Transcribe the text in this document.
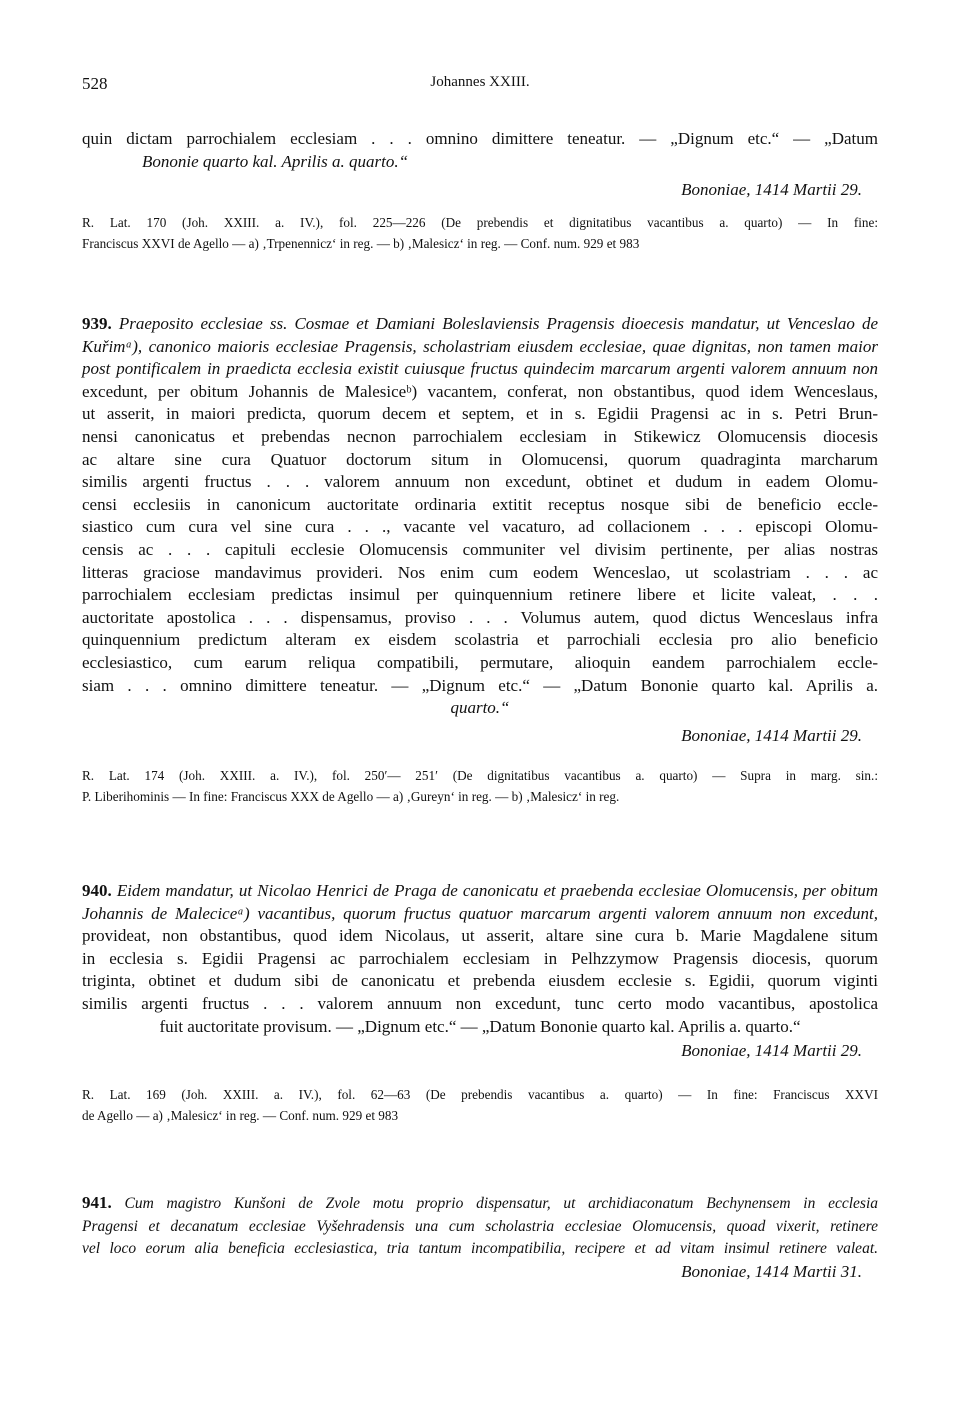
528	Johannes XXIII.

quin dictam parrochialem ecclesiam . . . omnino dimittere teneatur. — „Dignum etc.“ — „Datum
Bononie quarto kal. Aprilis a. quarto.“

Bononiae, 1414 Martii 29.
R. Lat. 170 (Joh. XXIII. a. IV.), fol. 225—226 (De prebendis et dignitatibus vacantibus a. quarto) — In fine:
Franciscus XXVI de Agello — a) ‚Trpenennicz‘ in reg. — b) ‚Malesicz‘ in reg. — Conf. num. 929 et 983

939. Praeposito ecclesiae ss. Cosmae et Damiani Boleslaviensis Pragensis dioecesis mandatur, ut Venceslao de
Kuřimᵃ), canonico maioris ecclesiae Pragensis, scholastriam eiusdem ecclesiae, quae dignitas, non tamen maior
post pontificalem in praedicta ecclesia existit cuiusque fructus quindecim marcarum argenti valorem annuum non
excedunt, per obitum Johannis de Malesiceᵇ) vacantem, conferat, non obstantibus, quod idem Wenceslaus,
ut asserit, in maiori predicta, quorum decem et septem, et in s. Egidii Pragensi ac in s. Petri Brun-
nensi canonicatus et prebendas necnon parrochialem ecclesiam in Stikewicz Olomucensis diocesis
ac altare sine cura Quatuor doctorum situm in Olomucensi, quorum quadraginta marcharum
similis argenti fructus . . . valorem annuum non excedunt, obtinet et dudum in eadem Olomu-
censi ecclesiis in canonicum auctoritate ordinaria extitit receptus nosque sibi de beneficio eccle-
siastico cum cura vel sine cura . . ., vacante vel vacaturo, ad collacionem . . . episcopi Olomu-
censis ac . . . capituli ecclesie Olomucensis communiter vel divisim pertinente, per alias nostras
litteras graciose mandavimus provideri. Nos enim cum eodem Wenceslao, ut scolastriam . . . ac
parrochialem ecclesiam predictas insimul per quinquennium retinere libere et licite valeat, . . .
auctoritate apostolica . . . dispensamus, proviso . . . Volumus autem, quod dictus Wenceslaus infra
quinquennium predictum alteram ex eisdem scolastria et parrochiali ecclesia pro alio beneficio
ecclesiastico, cum earum reliqua compatibili, permutare, alioquin eandem parrochialem eccle-
siam . . . omnino dimittere teneatur. — „Dignum etc.“ — „Datum Bononie quarto kal. Aprilis a.

quarto.“
Bononiae, 1414 Martii 29.
R. Lat. 174 (Joh. XXIII. a. IV.), fol. 250′— 251′ (De dignitatibus vacantibus a. quarto) — Supra in marg. sin.:
P. Liberihominis — In fine: Franciscus XXX de Agello — a) ‚Gureyn‘ in reg. — b) ‚Malesicz‘ in reg.

940. Eidem mandatur, ut Nicolao Henrici de Praga de canonicatu et praebenda ecclesiae Olomucensis, per obitum
Johannis de Maleciceᵃ) vacantibus, quorum fructus quatuor marcarum argenti valorem annuum non excedunt,
provideat, non obstantibus, quod idem Nicolaus, ut asserit, altare sine cura b. Marie Magdalene situm
in ecclesia s. Egidii Pragensi ac parrochialem ecclesiam in Pelhzzymow Pragensis diocesis, quorum
triginta, obtinet et dudum sibi de canonicatu et prebenda eiusdem ecclesie s. Egidii, quorum viginti
similis argenti fructus . . . valorem annuum non excedunt, tunc certo modo vacantibus, apostolica

fuit auctoritate provisum. — „Dignum etc.“ — „Datum Bononie quarto kal. Aprilis a. quarto.“
Bononiae, 1414 Martii 29.
R. Lat. 169 (Joh. XXIII. a. IV.), fol. 62—63 (De prebendis vacantibus a. quarto) — In fine: Franciscus XXVI
de Agello — a) ‚Malesicz‘ in reg. — Conf. num. 929 et 983

941. Cum magistro Kunšoni de Zvole motu proprio dispensatur, ut archidiaconatum Bechynensem in ecclesia
Pragensi et decanatum ecclesiae Vyšehradensis una cum scholastria ecclesiae Olomucensis, quoad vixerit, retinere
vel loco eorum alia beneficia ecclesiastica, tria tantum incompatibilia, recipere et ad vitam insimul retinere valeat.

Bononiae, 1414 Martii 31.
